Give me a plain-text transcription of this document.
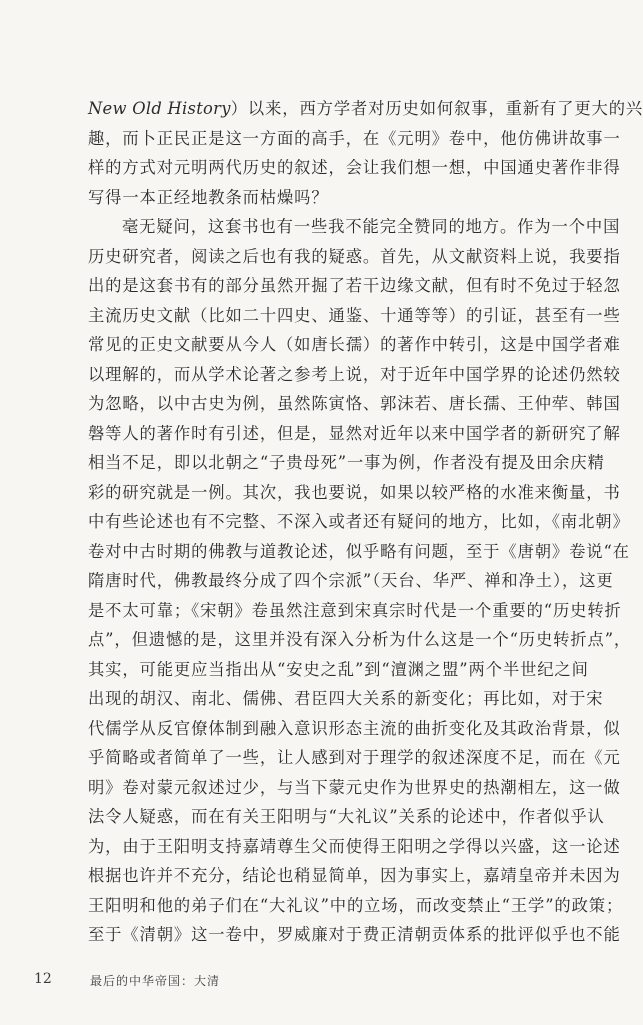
New Old History）以来，西方学者对历史如何叙事，重新有了更大的兴
趣，而卜正民正是这一方面的高手，在《元明》卷中，他仿佛讲故事一
样的方式对元明两代历史的叙述，会让我们想一想，中国通史著作非得
写得一本正经地教条而枯燥吗？
毫无疑问，这套书也有一些我不能完全赞同的地方。作为一个中国
历史研究者，阅读之后也有我的疑惑。首先，从文献资料上说，我要指
出的是这套书有的部分虽然开掘了若干边缘文献，但有时不免过于轻忽
主流历史文献（比如二十四史、通鉴、十通等等）的引证，甚至有一些
常见的正史文献要从今人（如唐长孺）的著作中转引，这是中国学者难
以理解的，而从学术论著之参考上说，对于近年中国学界的论述仍然较
为忽略，以中古史为例，虽然陈寅恪、郭沫若、唐长孺、王仲荦、韩国
磐等人的著作时有引述，但是，显然对近年以来中国学者的新研究了解
相当不足，即以北朝之“子贵母死”一事为例，作者没有提及田余庆精
彩的研究就是一例。其次，我也要说，如果以较严格的水准来衡量，书
中有些论述也有不完整、不深入或者还有疑问的地方，比如，《南北朝》
卷对中古时期的佛教与道教论述，似乎略有问题，至于《唐朝》卷说“在
隋唐时代，佛教最终分成了四个宗派”（天台、华严、禅和净土），这更
是不太可靠；《宋朝》卷虽然注意到宋真宗时代是一个重要的“历史转折
点”，但遗憾的是，这里并没有深入分析为什么这是一个“历史转折点”，
其实，可能更应当指出从“安史之乱”到“澶渊之盟”两个半世纪之间
出现的胡汉、南北、儒佛、君臣四大关系的新变化；再比如，对于宋
代儒学从反官僚体制到融入意识形态主流的曲折变化及其政治背景，似
乎简略或者简单了一些，让人感到对于理学的叙述深度不足，而在《元
明》卷对蒙元叙述过少，与当下蒙元史作为世界史的热潮相左，这一做
法令人疑惑，而在有关王阳明与“大礼议”关系的论述中，作者似乎认
为，由于王阳明支持嘉靖尊生父而使得王阳明之学得以兴盛，这一论述
根据也许并不充分，结论也稍显简单，因为事实上，嘉靖皇帝并未因为
王阳明和他的弟子们在“大礼议”中的立场，而改变禁止“王学”的政策；
至于《清朝》这一卷中，罗威廉对于费正清朝贡体系的批评似乎也不能
12	最后的中华帝国：大清
